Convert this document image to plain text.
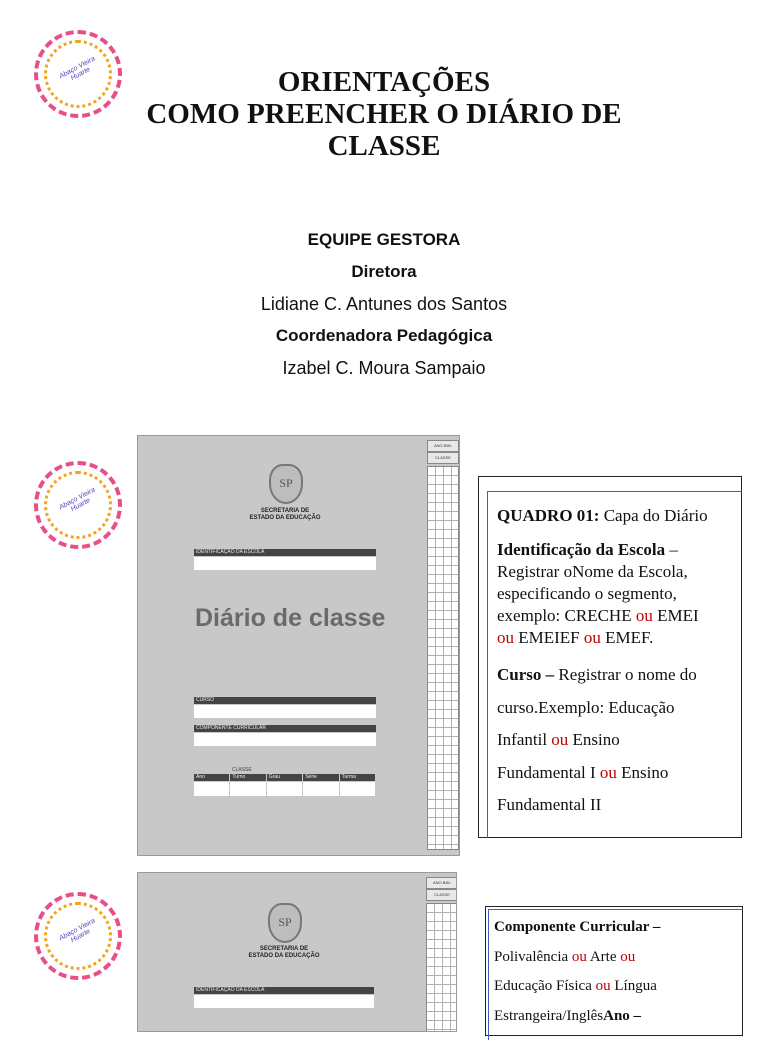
ORIENTAÇÕES
COMO PREENCHER O DIÁRIO DE
CLASSE
Abaço Vieira Huarte
Abaço Vieira Huarte
Abaço Vieira Huarte
EQUIPE GESTORA
Diretora
Lidiane C. Antunes dos Santos
Coordenadora Pedagógica
Izabel C. Moura Sampaio
SP
SECRETARIA DE
ESTADO DA EDUCAÇÃO
IDENTIFICAÇÃO DA ESCOLA
Diário de classe
CURSO
COMPONENTE CURRICULAR
CLASSE
Ano	Turno	Grau	Série	Turma
ANO BIM.
CLASSE
SP
SECRETARIA DE
ESTADO DA EDUCAÇÃO
IDENTIFICAÇÃO DA ESCOLA
ANO BIM.
CLASSE
QUADRO 01: Capa do Diário
Identificação da Escola –
Registrar oNome da Escola,
especificando o segmento,
exemplo: CRECHE ou EMEI
ou EMEIEF ou EMEF.
Curso – Registrar o nome do
curso.Exemplo: Educação
Infantil ou Ensino
Fundamental I ou Ensino
Fundamental II
Componente Curricular –
Polivalência ou Arte ou
Educação Física ou Língua
Estrangeira/InglêsAno –
